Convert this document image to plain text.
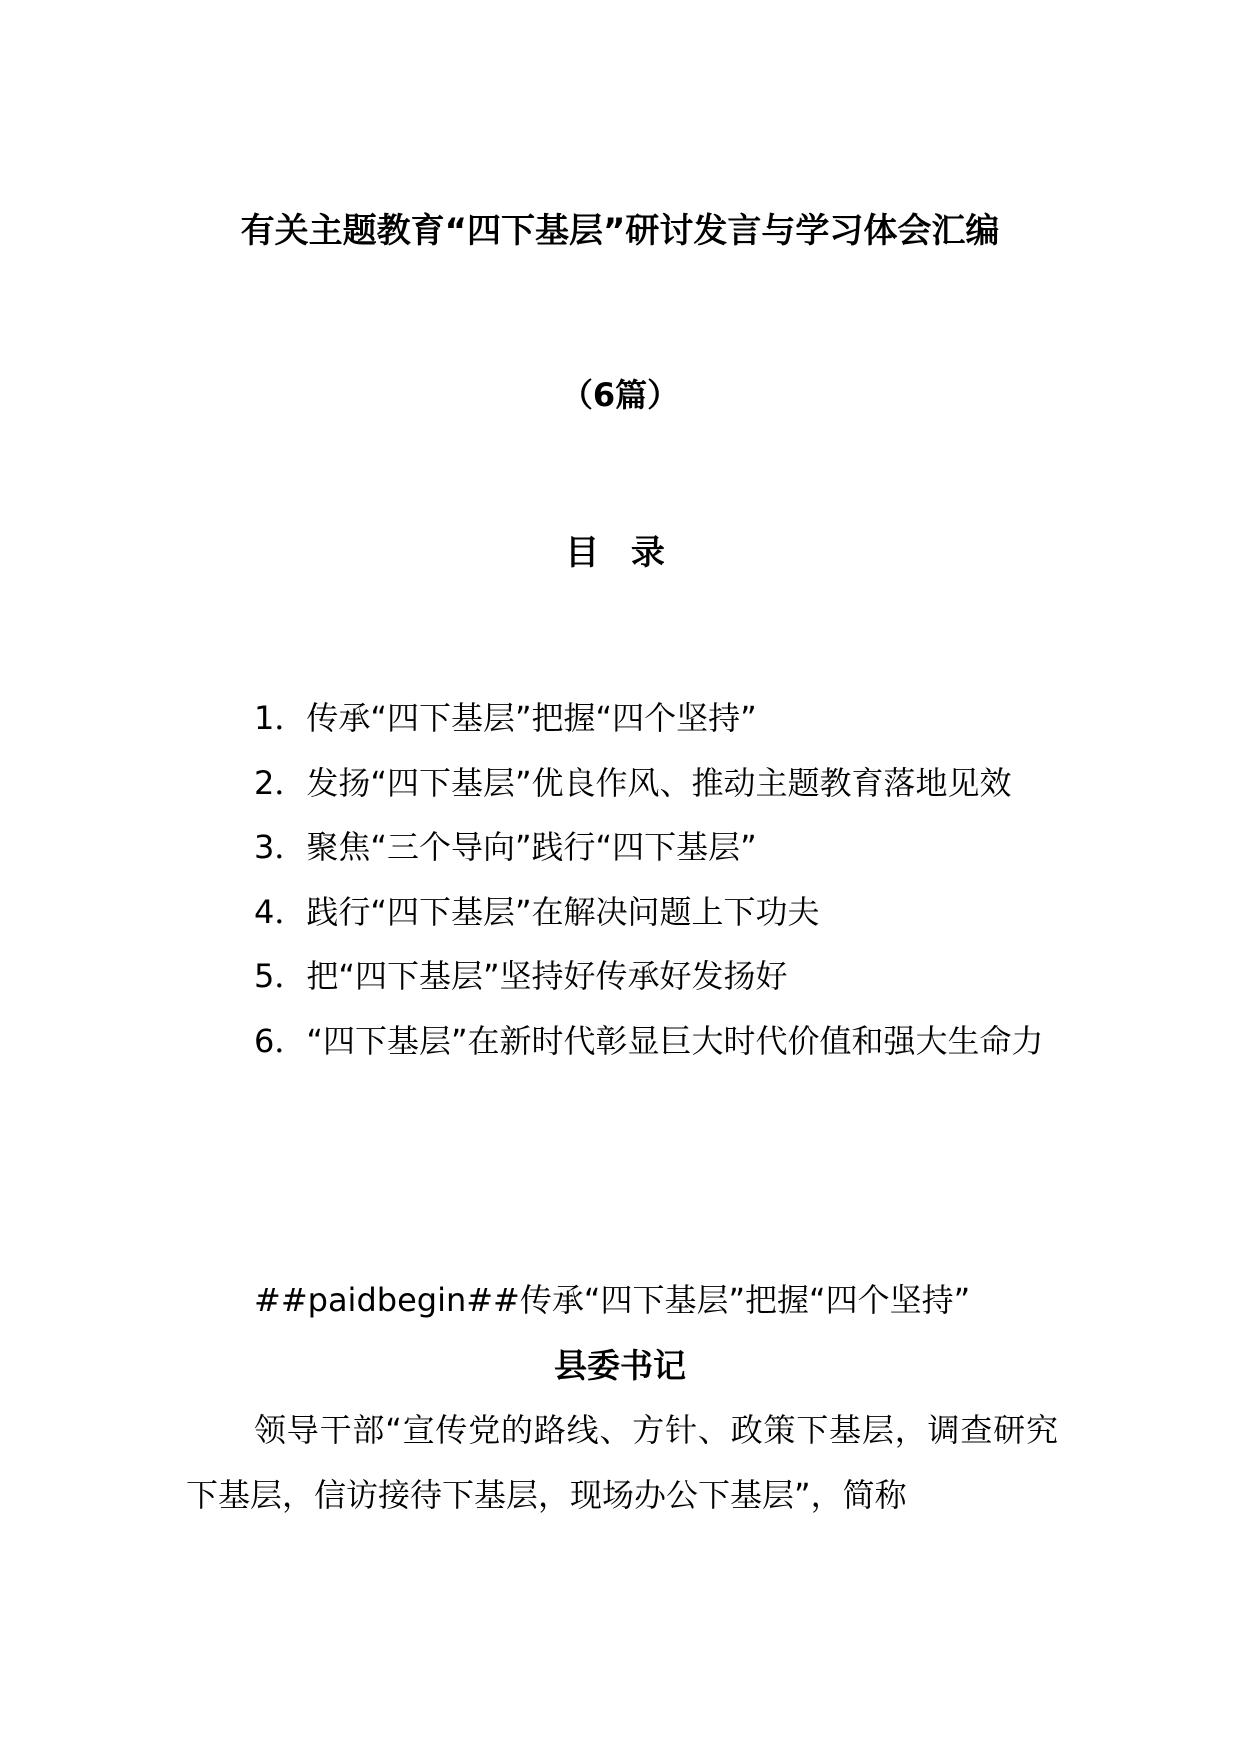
有关主题教育“四下基层”研讨发言与学习体会汇编
（6篇）
目 录
1．传承“四下基层”把握“四个坚持”
2．发扬“四下基层”优良作风、推动主题教育落地见效
3．聚焦“三个导向”践行“四下基层”
4．践行“四下基层”在解决问题上下功夫
5．把“四下基层”坚持好传承好发扬好
6．“四下基层”在新时代彰显巨大时代价值和强大生命力
##paidbegin##传承“四下基层”把握“四个坚持”
县委书记
领导干部“宣传党的路线、方针、政策下基层，调查研究下基层，信访接待下基层，现场办公下基层”，简称
